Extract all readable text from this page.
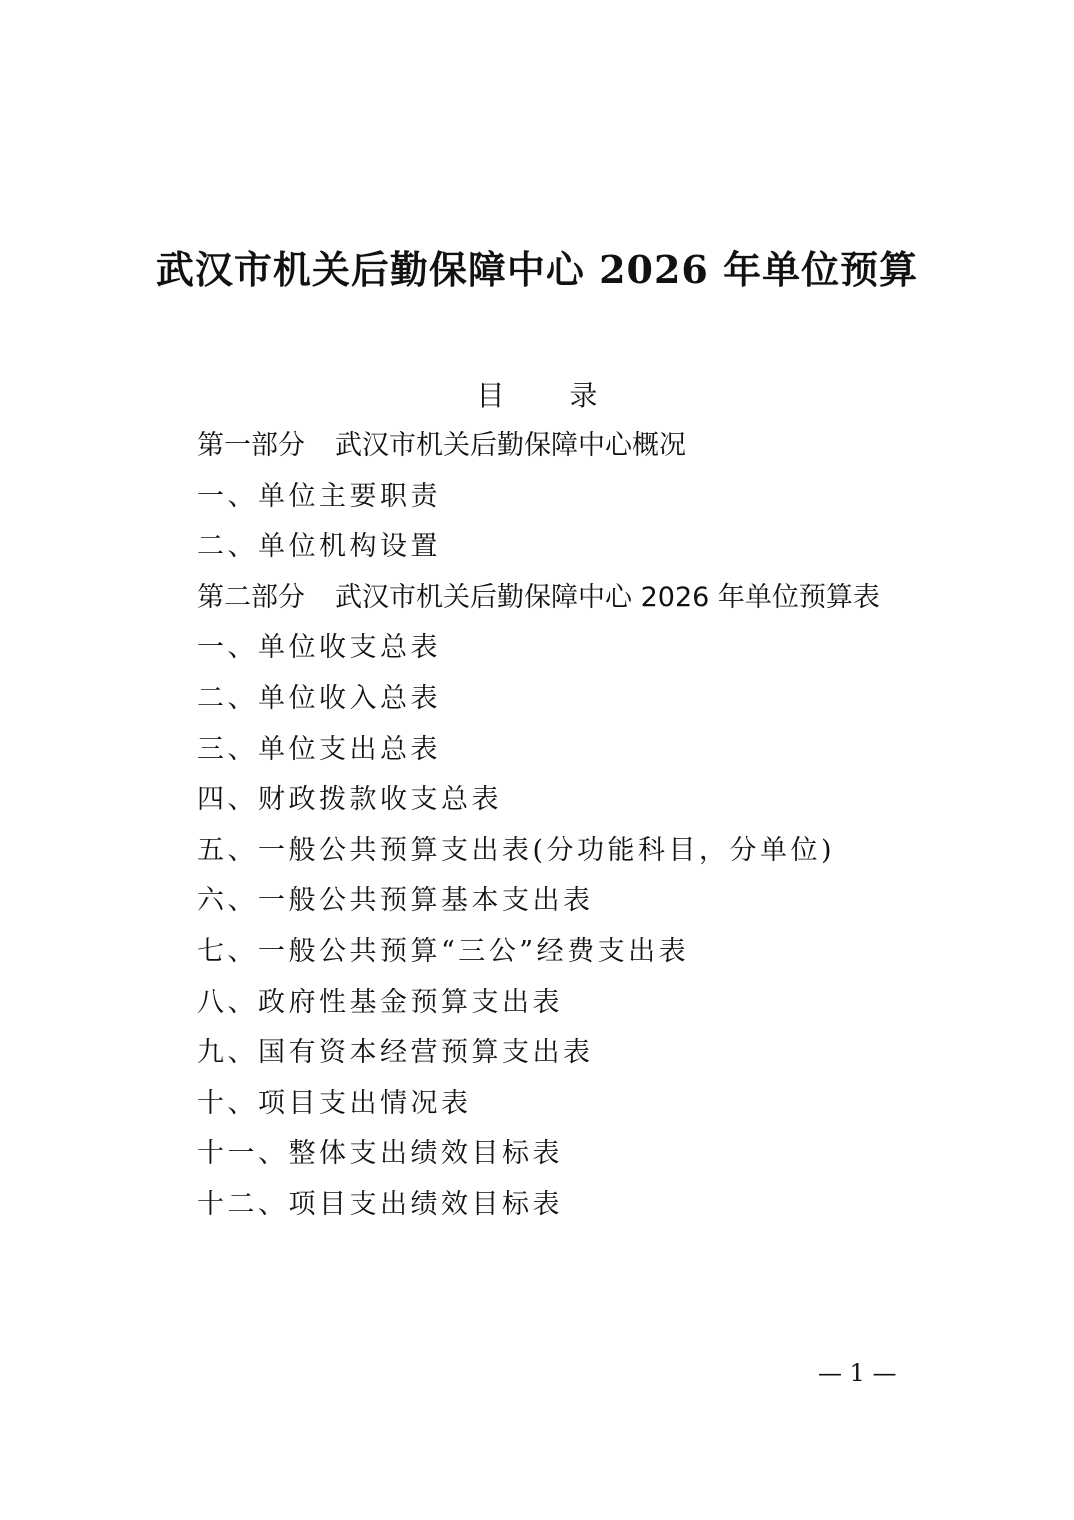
武汉市机关后勤保障中心 2026 年单位预算
目 录
第一部分 武汉市机关后勤保障中心概况
一、单位主要职责
二、单位机构设置
第二部分 武汉市机关后勤保障中心 2026 年单位预算表
一、单位收支总表
二、单位收入总表
三、单位支出总表
四、财政拨款收支总表
五、一般公共预算支出表(分功能科目，分单位)
六、一般公共预算基本支出表
七、一般公共预算“三公”经费支出表
八、政府性基金预算支出表
九、国有资本经营预算支出表
十、项目支出情况表
十一、整体支出绩效目标表
十二、项目支出绩效目标表
— 1 —
